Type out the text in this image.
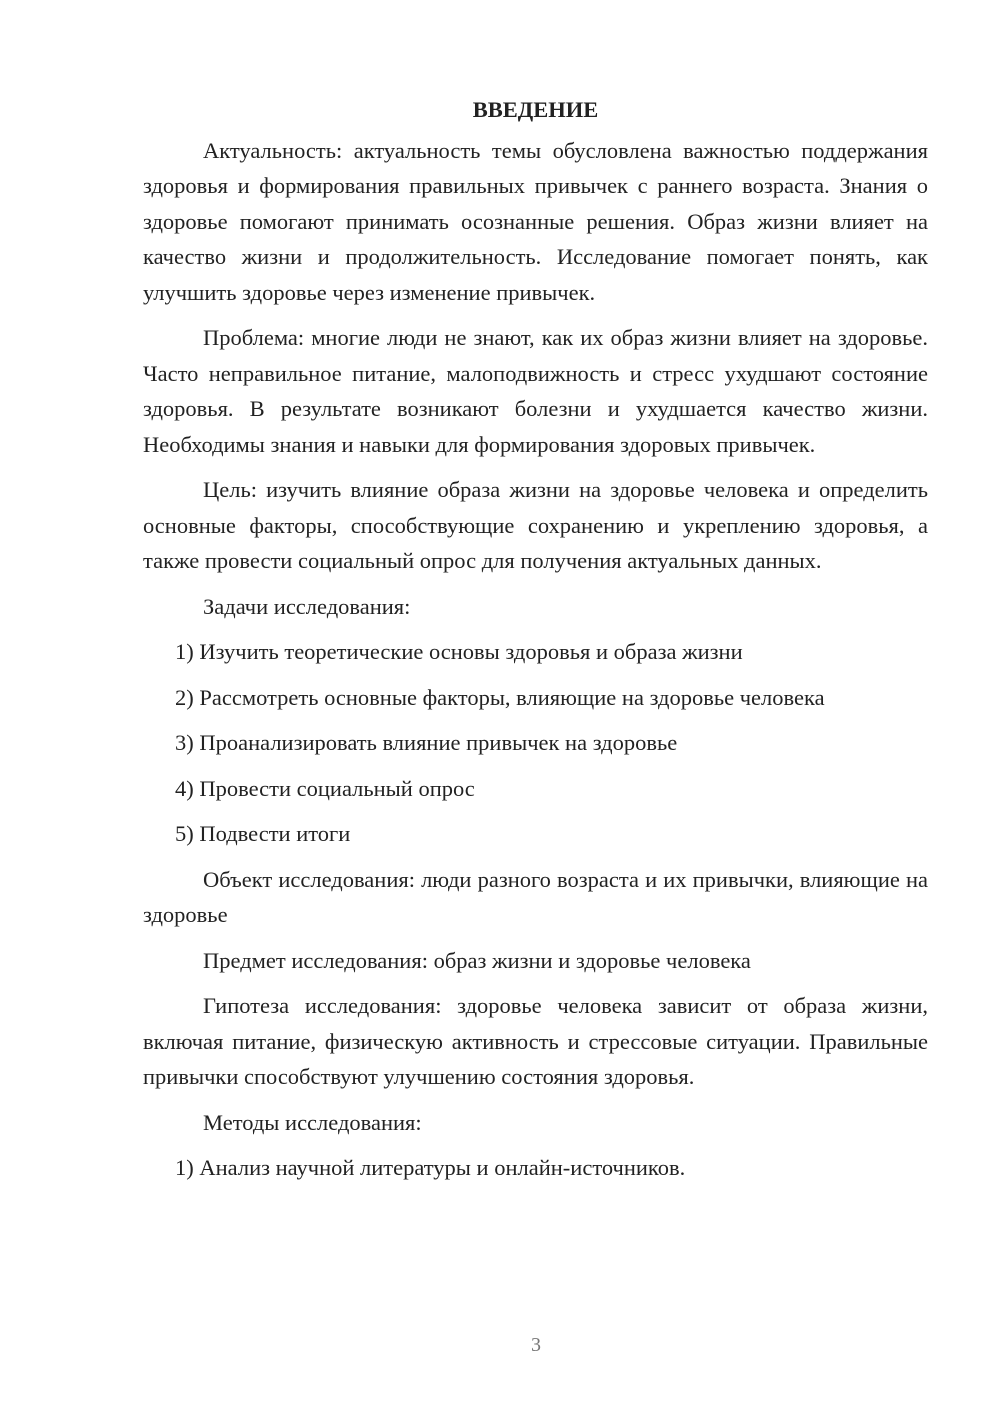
ВВЕДЕНИЕ

Актуальность: актуальность темы обусловлена важностью поддержания здоровья и формирования правильных привычек с раннего возраста. Знания о здоровье помогают принимать осознанные решения. Образ жизни влияет на качество жизни и продолжительность. Исследование помогает понять, как улучшить здоровье через изменение привычек.

Проблема: многие люди не знают, как их образ жизни влияет на здоровье. Часто неправильное питание, малоподвижность и стресс ухудшают состояние здоровья. В результате возникают болезни и ухудшается качество жизни. Необходимы знания и навыки для формирования здоровых привычек.

Цель: изучить влияние образа жизни на здоровье человека и определить основные факторы, способствующие сохранению и укреплению здоровья, а также провести социальный опрос для получения актуальных данных.

Задачи исследования:

1) Изучить теоретические основы здоровья и образа жизни
2) Рассмотреть основные факторы, влияющие на здоровье человека
3) Проанализировать влияние привычек на здоровье
4) Провести социальный опрос
5) Подвести итоги

Объект исследования: люди разного возраста и их привычки, влияющие на здоровье

Предмет исследования: образ жизни и здоровье человека

Гипотеза исследования: здоровье человека зависит от образа жизни, включая питание, физическую активность и стрессовые ситуации. Правильные привычки способствуют улучшению состояния здоровья.

Методы исследования:

1) Анализ научной литературы и онлайн-источников.
3
